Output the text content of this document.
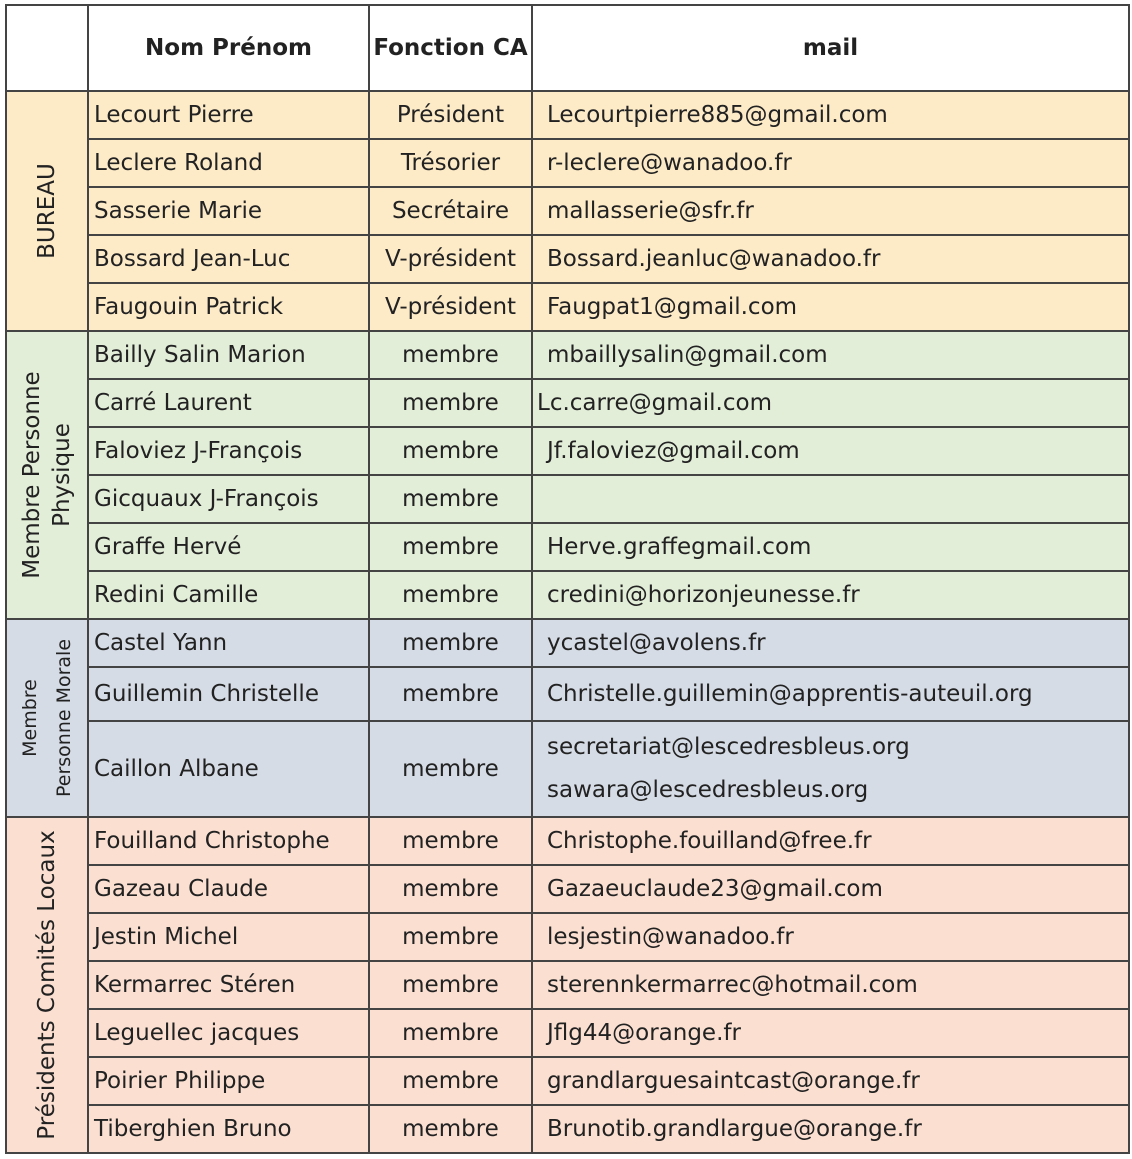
	Nom Prénom	Fonction CA	mail

BUREAU	Lecourt Pierre	Président	Lecourtpierre885@gmail.com
	Leclere Roland	Trésorier	r-leclere@wanadoo.fr
	Sasserie Marie	Secrétaire	mallasserie@sfr.fr
	Bossard Jean-Luc	V-président	Bossard.jeanluc@wanadoo.fr
	Faugouin Patrick	V-président	Faugpat1@gmail.com

Membre Personne Physique	Bailly Salin Marion	membre	mbaillysalin@gmail.com
	Carré Laurent	membre	Lc.carre@gmail.com
	Faloviez J-François	membre	Jf.faloviez@gmail.com
	Gicquaux J-François	membre	
	Graffe Hervé	membre	Herve.graffegmail.com
	Redini Camille	membre	credini@horizonjeunesse.fr

Membre Personne Morale	Castel Yann	membre	ycastel@avolens.fr
	Guillemin Christelle	membre	Christelle.guillemin@apprentis-auteuil.org
	Caillon Albane	membre	secretariat@lescedresbleus.org
sawara@lescedresbleus.org

Présidents Comités Locaux	Fouilland Christophe	membre	Christophe.fouilland@free.fr
	Gazeau Claude	membre	Gazaeuclaude23@gmail.com
	Jestin Michel	membre	lesjestin@wanadoo.fr
	Kermarrec Stéren	membre	sterennkermarrec@hotmail.com
	Leguellec jacques	membre	Jflg44@orange.fr
	Poirier Philippe	membre	grandlarguesaintcast@orange.fr
	Tiberghien Bruno	membre	Brunotib.grandlargue@orange.fr
